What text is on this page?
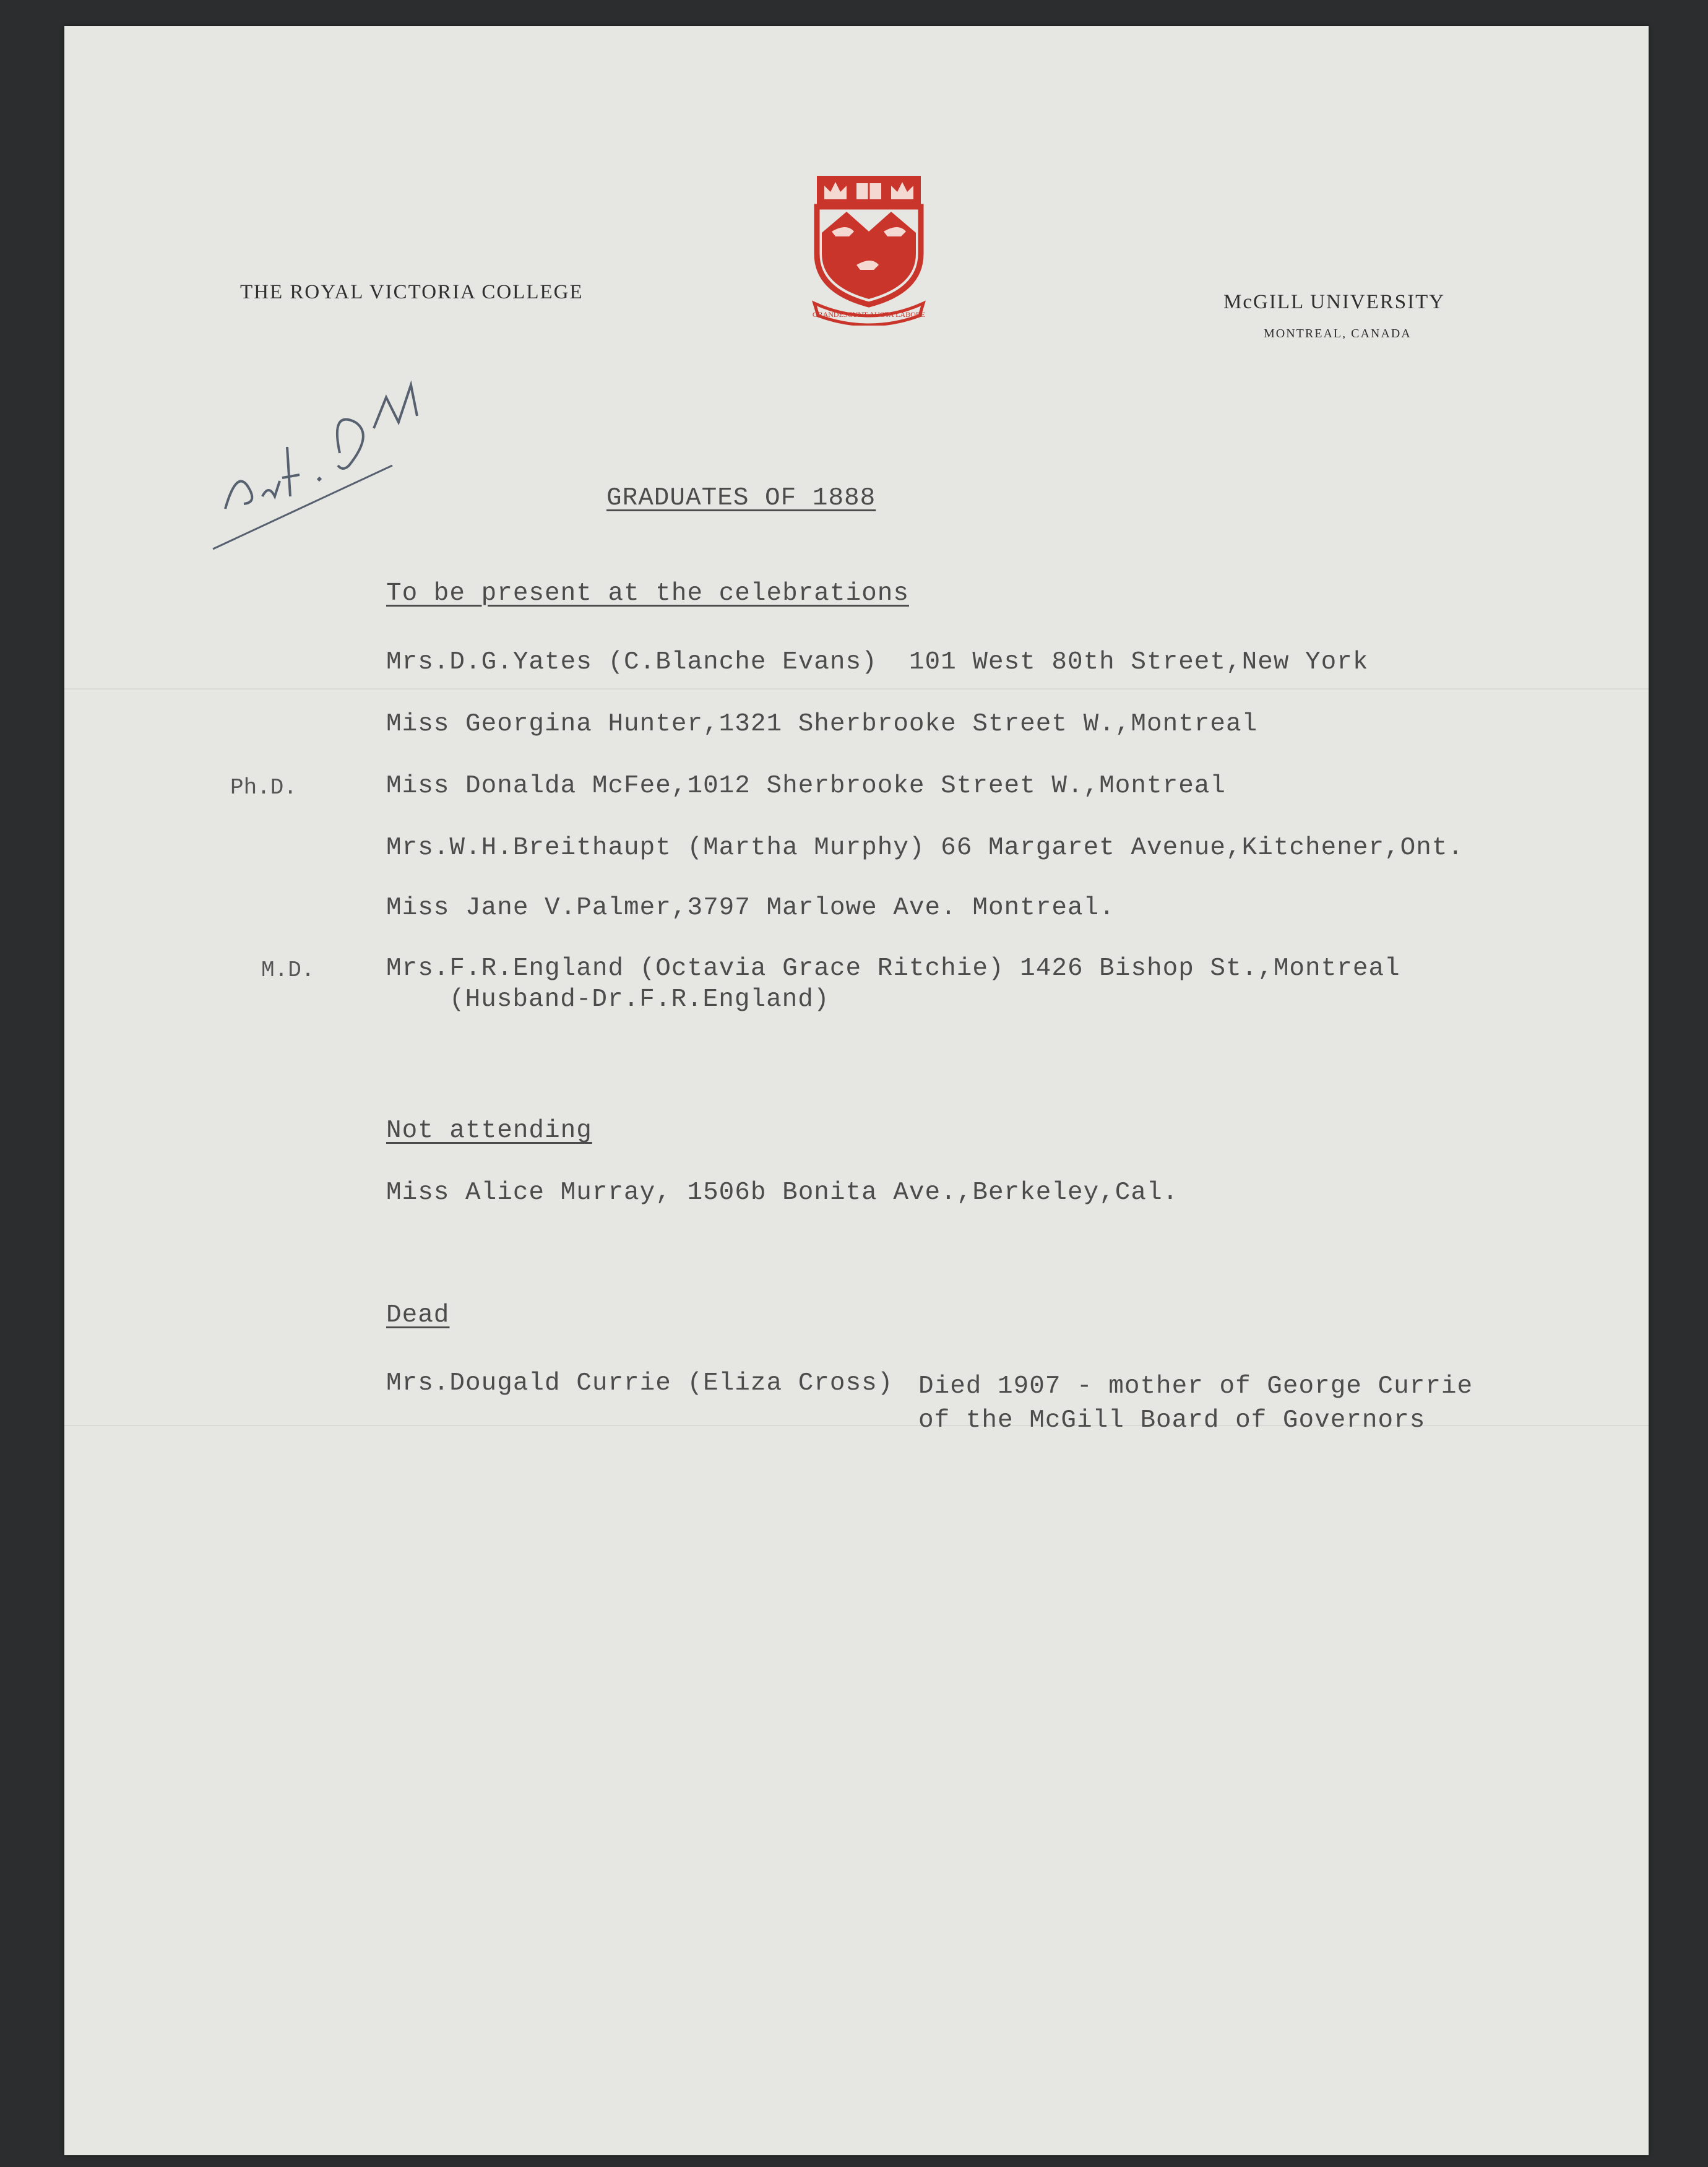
THE ROYAL VICTORIA COLLEGE	McGILL UNIVERSITY
MONTREAL, CANADA
GRANDESCUNT AUCTA LABORE
GRADUATES OF 1888
To be present at the celebrations
Mrs.D.G.Yates (C.Blanche Evans)  101 West 80th Street,New York
Miss Georgina Hunter,1321 Sherbrooke Street W.,Montreal
Ph.D.	Miss Donalda McFee,1012 Sherbrooke Street W.,Montreal
Mrs.W.H.Breithaupt (Martha Murphy) 66 Margaret Avenue,Kitchener,Ont.
Miss Jane V.Palmer,3797 Marlowe Ave. Montreal.
M.D.	Mrs.F.R.England (Octavia Grace Ritchie) 1426 Bishop St.,Montreal
(Husband-Dr.F.R.England)
Not attending
Miss Alice Murray, 1506b Bonita Ave.,Berkeley,Cal.
Dead
Mrs.Dougald Currie (Eliza Cross) Died 1907 - mother of George Currie
of the McGill Board of Governors
